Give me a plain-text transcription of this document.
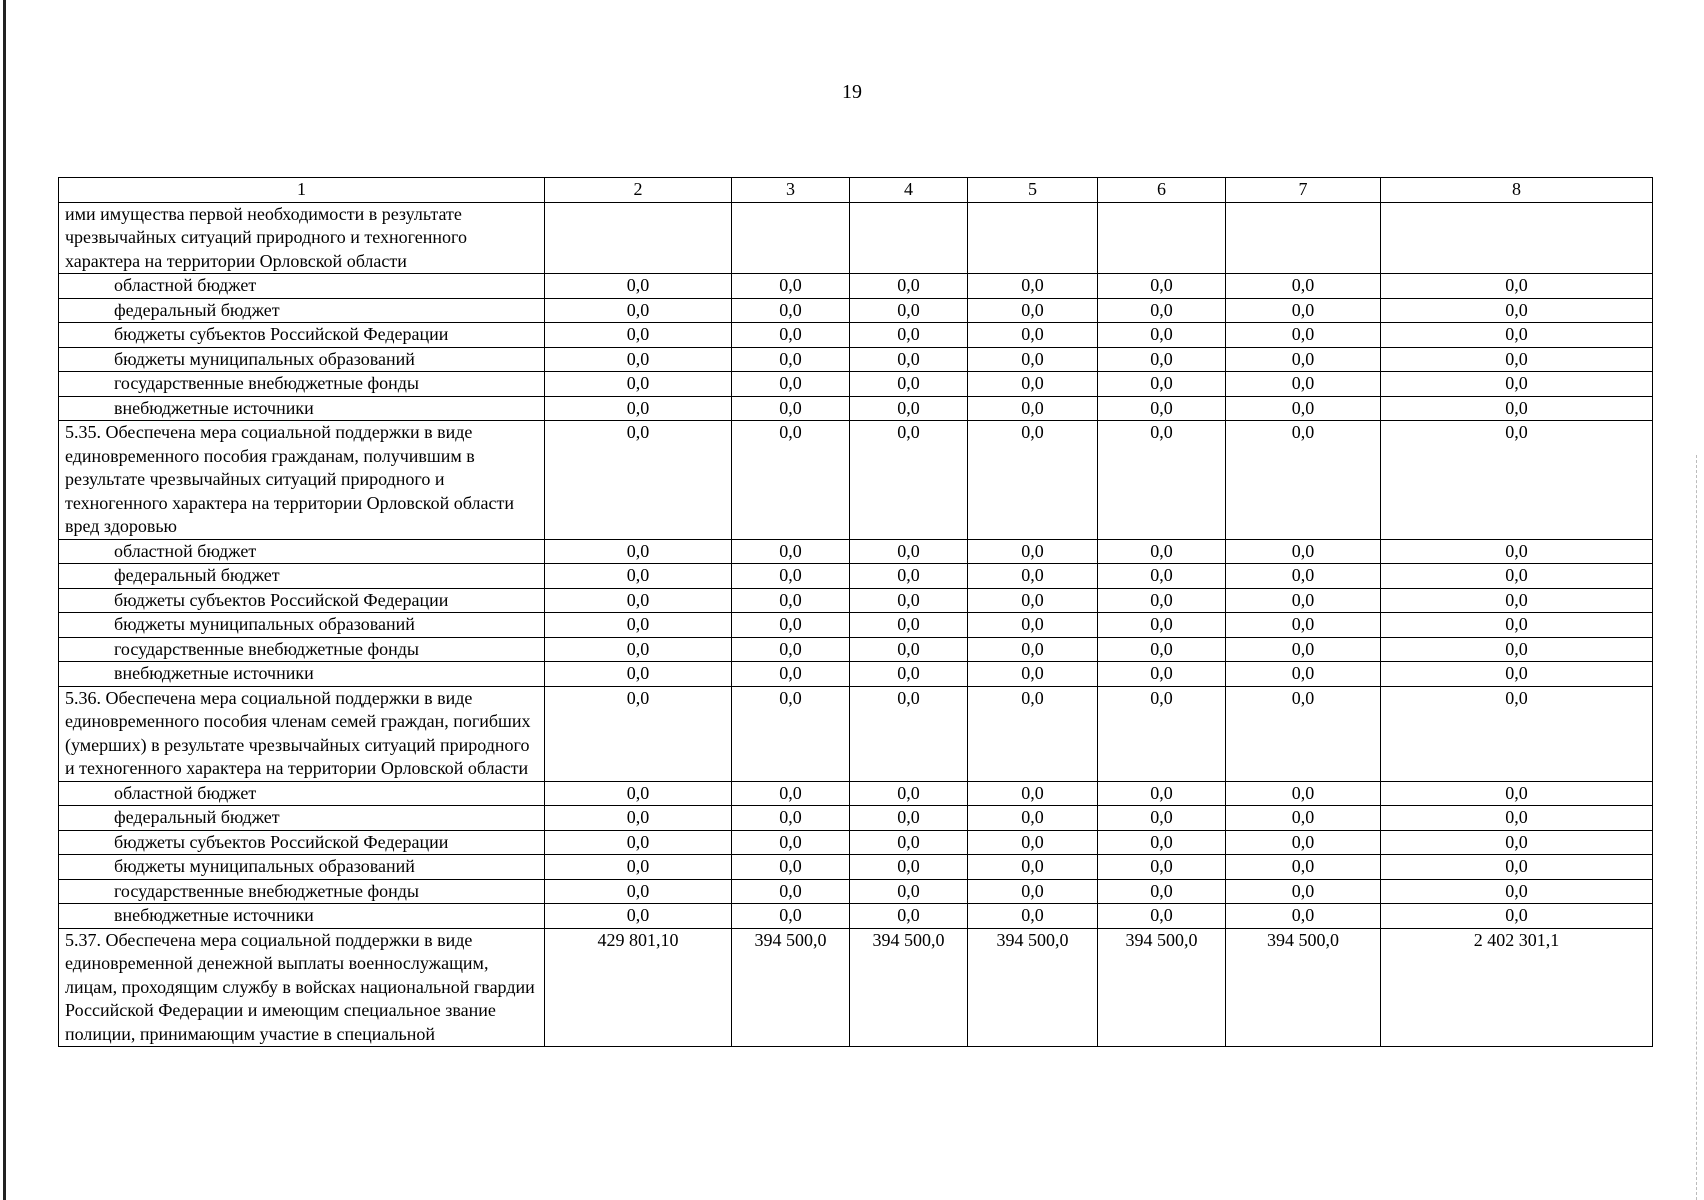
19
1	2	3	4	5	6	7	8
ими имущества первой необходимости в результате чрезвычайных ситуаций природного и техногенного характера на территории Орловской области							
областной бюджет	0,0	0,0	0,0	0,0	0,0	0,0	0,0
федеральный бюджет	0,0	0,0	0,0	0,0	0,0	0,0	0,0
бюджеты субъектов Российской Федерации	0,0	0,0	0,0	0,0	0,0	0,0	0,0
бюджеты муниципальных образований	0,0	0,0	0,0	0,0	0,0	0,0	0,0
государственные внебюджетные фонды	0,0	0,0	0,0	0,0	0,0	0,0	0,0
внебюджетные источники	0,0	0,0	0,0	0,0	0,0	0,0	0,0
5.35. Обеспечена мера социальной поддержки в виде единовременного пособия гражданам, получившим в результате чрезвычайных ситуаций природного и техногенного характера на территории Орловской области вред здоровью	0,0	0,0	0,0	0,0	0,0	0,0	0,0
областной бюджет	0,0	0,0	0,0	0,0	0,0	0,0	0,0
федеральный бюджет	0,0	0,0	0,0	0,0	0,0	0,0	0,0
бюджеты субъектов Российской Федерации	0,0	0,0	0,0	0,0	0,0	0,0	0,0
бюджеты муниципальных образований	0,0	0,0	0,0	0,0	0,0	0,0	0,0
государственные внебюджетные фонды	0,0	0,0	0,0	0,0	0,0	0,0	0,0
внебюджетные источники	0,0	0,0	0,0	0,0	0,0	0,0	0,0
5.36. Обеспечена мера социальной поддержки в виде единовременного пособия членам семей граждан, погибших (умерших) в результате чрезвычайных ситуаций природного и техногенного характера на территории Орловской области	0,0	0,0	0,0	0,0	0,0	0,0	0,0
областной бюджет	0,0	0,0	0,0	0,0	0,0	0,0	0,0
федеральный бюджет	0,0	0,0	0,0	0,0	0,0	0,0	0,0
бюджеты субъектов Российской Федерации	0,0	0,0	0,0	0,0	0,0	0,0	0,0
бюджеты муниципальных образований	0,0	0,0	0,0	0,0	0,0	0,0	0,0
государственные внебюджетные фонды	0,0	0,0	0,0	0,0	0,0	0,0	0,0
внебюджетные источники	0,0	0,0	0,0	0,0	0,0	0,0	0,0
5.37. Обеспечена мера социальной поддержки в виде единовременной денежной выплаты военнослужащим, лицам, проходящим службу в войсках национальной гвардии Российской Федерации и имеющим специальное звание полиции, принимающим участие в специальной	429 801,10	394 500,0	394 500,0	394 500,0	394 500,0	394 500,0	2 402 301,1
